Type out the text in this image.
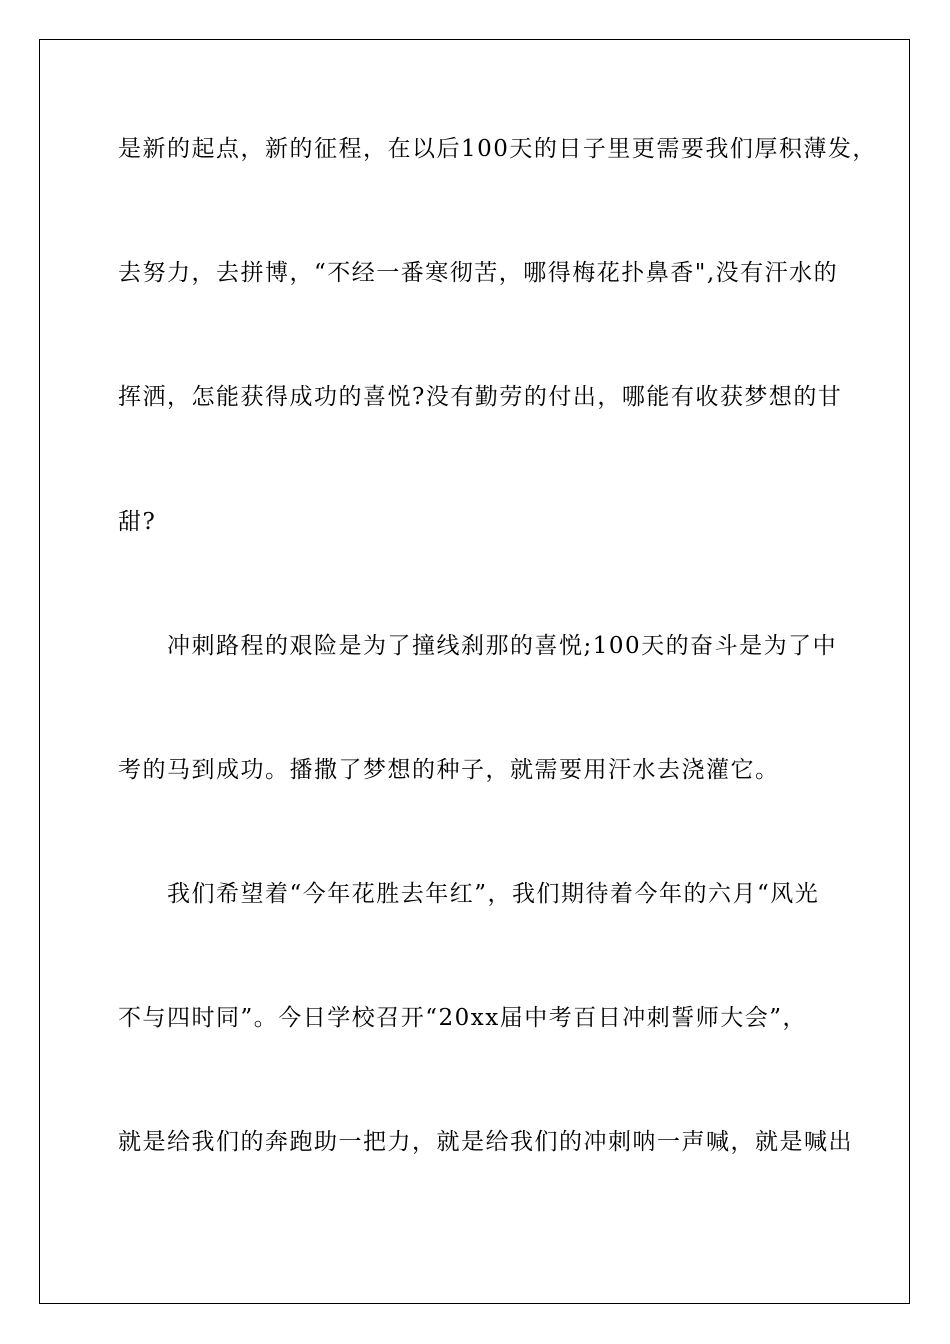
是新的起点，新的征程，在以后100天的日子里更需要我们厚积薄发，
去努力，去拼博，“不经一番寒彻苦，哪得梅花扑鼻香",没有汗水的
挥洒，怎能获得成功的喜悦?没有勤劳的付出，哪能有收获梦想的甘
甜?
　　冲刺路程的艰险是为了撞线刹那的喜悦;100天的奋斗是为了中
考的马到成功。播撒了梦想的种子，就需要用汗水去浇灌它。
　　我们希望着“今年花胜去年红”，我们期待着今年的六月“风光
不与四时同”。今日学校召开“20xx届中考百日冲刺誓师大会”，
就是给我们的奔跑助一把力，就是给我们的冲刺呐一声喊，就是喊出
